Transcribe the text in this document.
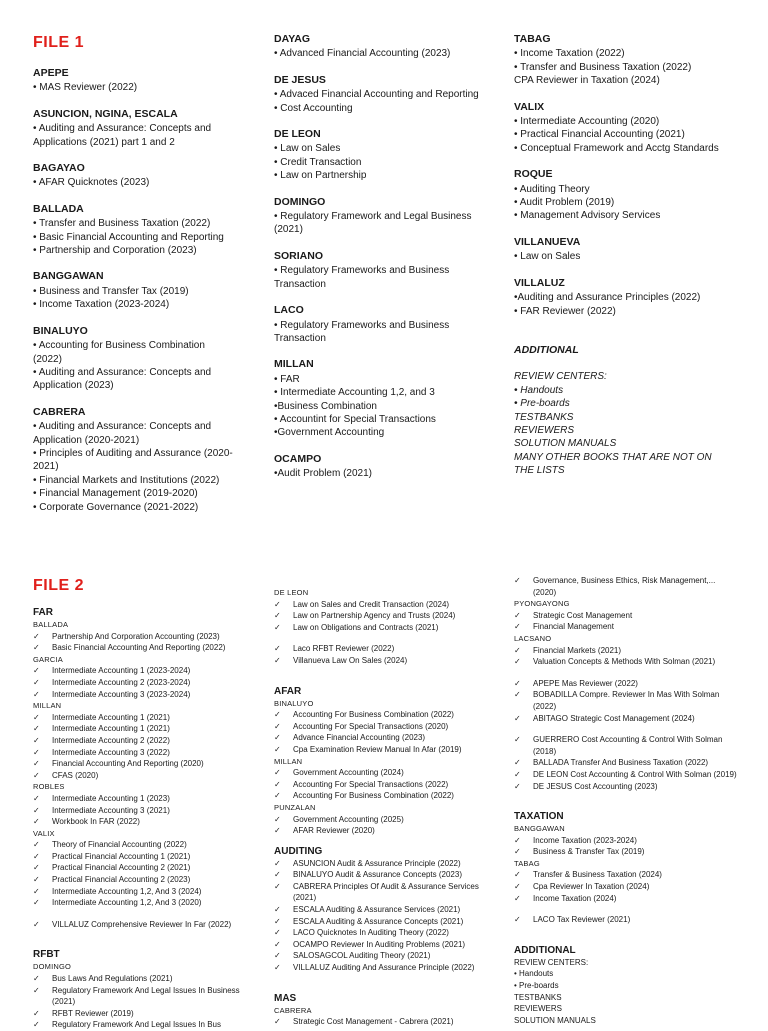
FILE 1
APEPE
• MAS Reviewer (2022)
ASUNCION, NGINA, ESCALA
• Auditing and Assurance: Concepts and Applications (2021) part 1 and 2
BAGAYAO
• AFAR Quicknotes (2023)
BALLADA
• Transfer and Business Taxation (2022)
• Basic Financial Accounting and Reporting
• Partnership and Corporation (2023)
BANGGAWAN
• Business and Transfer Tax (2019)
• Income Taxation (2023-2024)
BINALUYO
• Accounting for Business Combination (2022)
• Auditing and Assurance: Concepts and Application (2023)
CABRERA
• Auditing and Assurance: Concepts and Application (2020-2021)
• Principles of Auditing and Assurance (2020-2021)
• Financial Markets and Institutions (2022)
• Financial Management (2019-2020)
• Corporate Governance (2021-2022)
DAYAG
• Advanced Financial Accounting (2023)
DE JESUS
• Advaced Financial Accounting and Reporting
• Cost Accounting
DE LEON
• Law on Sales
• Credit Transaction
• Law on Partnership
DOMINGO
• Regulatory Framework and Legal Business (2021)
SORIANO
• Regulatory Frameworks and Business Transaction
LACO
• Regulatory Frameworks and Business Transaction
MILLAN
• FAR
• Intermediate Accounting 1,2, and 3
•Business Combination
• Accountint for Special Transactions
•Government Accounting
OCAMPO
•Audit Problem (2021)
TABAG
• Income Taxation (2022)
• Transfer and Business Taxation (2022)
CPA Reviewer in Taxation (2024)
VALIX
• Intermediate Accounting (2020)
• Practical Financial Accounting (2021)
• Conceptual Framework and Acctg Standards
ROQUE
• Auditing Theory
• Audit Problem (2019)
• Management Advisory Services
VILLANUEVA
• Law on Sales
VILLALUZ
•Auditing and Assurance Principles (2022)
• FAR Reviewer (2022)
ADDITIONAL
REVIEW CENTERS:
• Handouts
• Pre-boards
TESTBANKS
REVIEWERS
SOLUTION MANUALS
MANY OTHER BOOKS THAT ARE NOT ON THE LISTS
FILE 2
FAR
BALLADA
✓ Partnership And Corporation Accounting (2023)
✓ Basic Financial Accounting And Reporting (2022)
GARCIA
✓ Intermediate Accounting 1 (2023-2024)
✓ Intermediate Accounting 2 (2023-2024)
✓ Intermediate Accounting 3 (2023-2024)
MILLAN
✓ Intermediate Accounting 1 (2021)
✓ Intermediate Accounting 1 (2021)
✓ Intermediate Accounting 2 (2022)
✓ Intermediate Accounting 3 (2022)
✓ Financial Accounting And Reporting (2020)
✓ CFAS (2020)
ROBLES
✓ Intermediate Accounting 1 (2023)
✓ Intermediate Accounting 3 (2021)
✓ Workbook In FAR (2022)
VALIX
✓ Theory of Financial Accounting (2022)
✓ Practical Financial Accounting 1 (2021)
✓ Practical Financial Accounting 2 (2021)
✓ Practical Financial Accounting 2 (2023)
✓ Intermediate Accounting 1,2, And 3 (2024)
✓ Intermediate Accounting 1,2, And 3 (2020)
✓ VILLALUZ Comprehensive Reviewer In Far (2022)
RFBT
DOMINGO
✓ Bus Laws And Regulations (2021)
✓ Regulatory Framework And Legal Issues In Business (2021)
✓ RFBT Reviewer (2019)
✓ Regulatory Framework And Legal Issues In Bus
DE LEON
✓ Law on Sales and Credit Transaction (2024)
✓ Law on Partnership Agency and Trusts (2024)
✓ Law on Obligations and Contracts (2021)
✓ Laco RFBT Reviewer (2022)
✓ Villanueva Law On Sales (2024)
AFAR
BINALUYO
✓ Accounting For Business Combination (2022)
✓ Accounting For Special Transactions (2020)
✓ Advance Financial Accounting (2023)
✓ Cpa Examination Review Manual In Afar (2019)
MILLAN
✓ Government Accounting (2024)
✓ Accounting For Special Transactions (2022)
✓ Accounting For Business Combination (2022)
PUNZALAN
✓ Government Accounting (2025)
✓ AFAR Reviewer (2020)
AUDITING
✓ ASUNCION Audit & Assurance Principle (2022)
✓ BINALUYO Audit & Assurance Concepts (2023)
✓ CABRERA Principles Of Audit & Assurance Services (2021)
✓ ESCALA Auditing & Assurance Services (2021)
✓ ESCALA Auditing & Assurance Concepts (2021)
✓ LACO Quicknotes In Auditing Theory (2022)
✓ OCAMPO Reviewer In Auditing Problems (2021)
✓ SALOSAGCOL Auditing Theory (2021)
✓ VILLALUZ Auditing And Assurance Principle (2022)
MAS
CABRERA
✓ Strategic Cost Management - Cabrera (2021)
✓ Governance, Business Ethics, Risk Management,... (2020)
PYONGAYONG
✓ Strategic Cost Management
✓ Financial Management
LACSANO
✓ Financial Markets (2021)
✓ Valuation Concepts & Methods With Solman (2021)
✓ APEPE Mas Reviewer (2022)
✓ BOBADILLA Compre. Reviewer In Mas With Solman (2022)
✓ ABITAGO Strategic Cost Management (2024)
✓ GUERRERO Cost Accounting & Control With Solman (2018)
✓ BALLADA Transfer And Business Taxation (2022)
✓ DE LEON Cost Accounting & Control With Solman (2019)
✓ DE JESUS Cost Accounting (2023)
TAXATION
BANGGAWAN
✓ Income Taxation (2023-2024)
✓ Business & Transfer Tax (2019)
TABAG
✓ Transfer & Business Taxation (2024)
✓ Cpa Reviewer In Taxation (2024)
✓ Income Taxation (2024)
✓ LACO Tax Reviewer (2021)
ADDITIONAL
REVIEW CENTERS:
• Handouts
• Pre-boards
TESTBANKS
REVIEWERS
SOLUTION MANUALS
